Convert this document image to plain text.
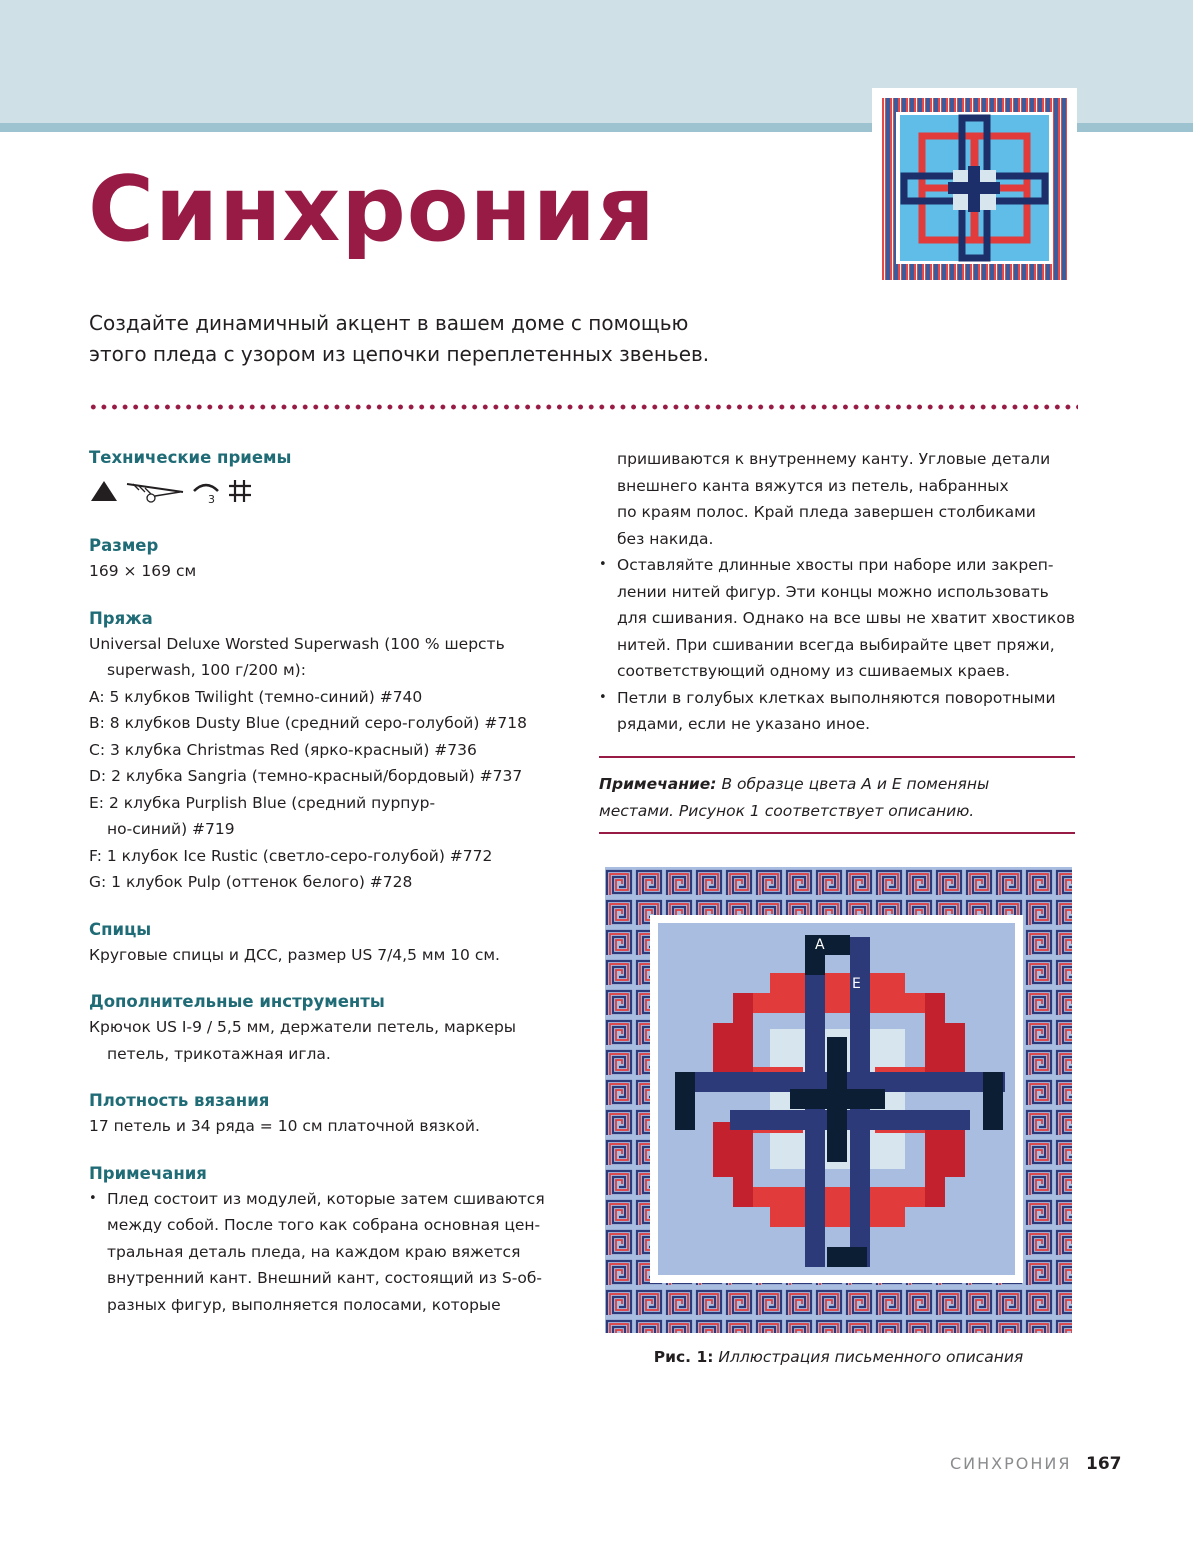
Синхрония
Создайте динамичный акцент в вашем доме с помощью
этого пледа с узором из цепочки переплетенных звеньев.
Технические приемы
3
Размер
169 × 169 см
Пряжа
Universal Deluxe Worsted Superwash (100 % шерсть
superwash, 100 г/200 м):
A: 5 клубков Twilight (темно-синий) #740
B: 8 клубков Dusty Blue (средний серо-голубой) #718
C: 3 клубка Christmas Red (ярко-красный) #736
D: 2 клубка Sangria (темно-красный/бордовый) #737
E: 2 клубка Purplish Blue (средний пурпур-
но-синий) #719
F: 1 клубок Ice Rustic (светло-серо-голубой) #772
G: 1 клубок Pulp (оттенок белого) #728
Спицы
Круговые спицы и ДСС, размер US 7/4,5 мм 10 см.
Дополнительные инструменты
Крючок US I-9 / 5,5 мм, держатели петель, маркеры
петель, трикотажная игла.
Плотность вязания
17 петель и 34 ряда = 10 см платочной вязкой.
Примечания
• Плед состоит из модулей, которые затем сшиваются
между собой. После того как собрана основная цен-
тральная деталь пледа, на каждом краю вяжется
внутренний кант. Внешний кант, состоящий из S-об-
разных фигур, выполняется полосами, которые
пришиваются к внутреннему канту. Угловые детали
внешнего канта вяжутся из петель, набранных
по краям полос. Край пледа завершен столбиками
без накида.
• Оставляйте длинные хвосты при наборе или закреп-
лении нитей фигур. Эти концы можно использовать
для сшивания. Однако на все швы не хватит хвостиков
нитей. При сшивании всегда выбирайте цвет пряжи,
соответствующий одному из сшиваемых краев.
• Петли в голубых клетках выполняются поворотными
рядами, если не указано иное.
Примечание: В образце цвета А и Е поменяны
местами. Рисунок 1 соответствует описанию.
A
E
Рис. 1: Иллюстрация письменного описания
СИНХРОНИЯ 167
